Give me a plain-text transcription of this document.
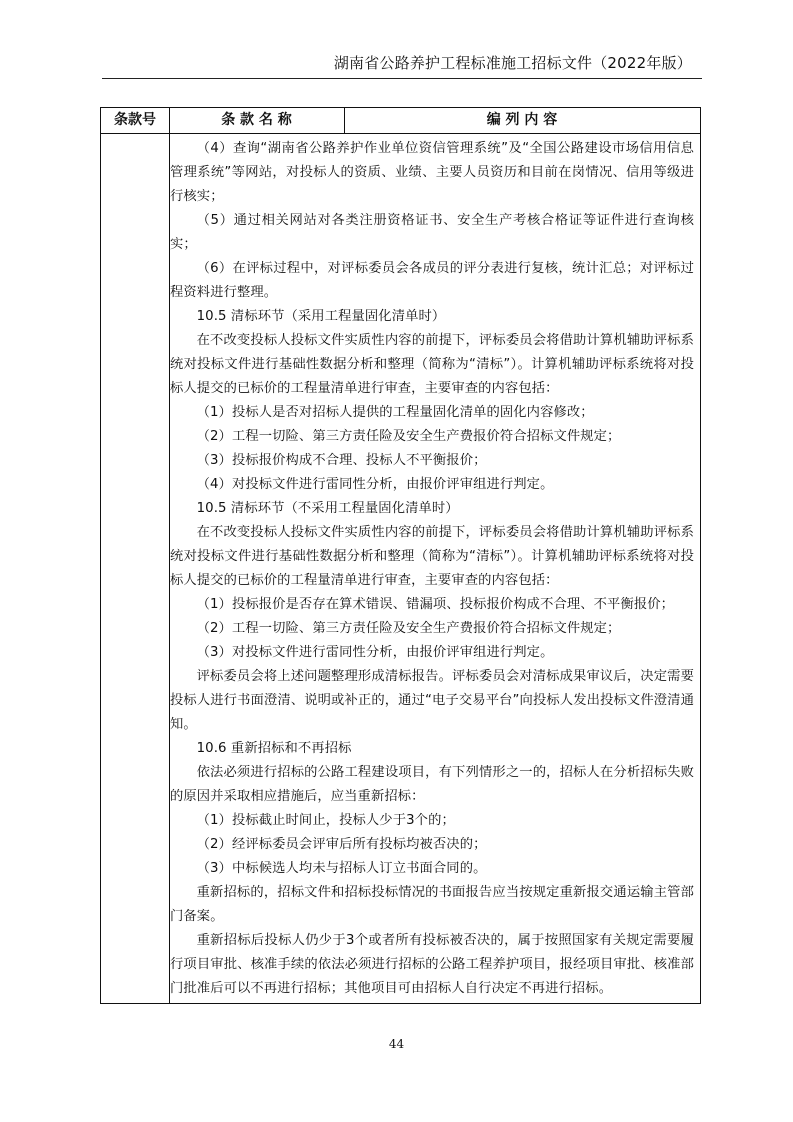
湖南省公路养护工程标准施工招标文件（2022年版）
条款号	条 款 名 称	编 列 内 容

（4）查询“湖南省公路养护作业单位资信管理系统”及“全国公路建设市场信用信息管理系统”等网站，对投标人的资质、业绩、主要人员资历和目前在岗情况、信用等级进行核实；

（5）通过相关网站对各类注册资格证书、安全生产考核合格证等证件进行查询核实；

（6）在评标过程中，对评标委员会各成员的评分表进行复核，统计汇总；对评标过程资料进行整理。

10.5 清标环节（采用工程量固化清单时）

在不改变投标人投标文件实质性内容的前提下，评标委员会将借助计算机辅助评标系统对投标文件进行基础性数据分析和整理（简称为“清标”）。计算机辅助评标系统将对投标人提交的已标价的工程量清单进行审查，主要审查的内容包括：

（1）投标人是否对招标人提供的工程量固化清单的固化内容修改；

（2）工程一切险、第三方责任险及安全生产费报价符合招标文件规定；

（3）投标报价构成不合理、投标人不平衡报价；

（4）对投标文件进行雷同性分析，由报价评审组进行判定。

10.5 清标环节（不采用工程量固化清单时）

在不改变投标人投标文件实质性内容的前提下，评标委员会将借助计算机辅助评标系统对投标文件进行基础性数据分析和整理（简称为“清标”）。计算机辅助评标系统将对投标人提交的已标价的工程量清单进行审查，主要审查的内容包括：

（1）投标报价是否存在算术错误、错漏项、投标报价构成不合理、不平衡报价；

（2）工程一切险、第三方责任险及安全生产费报价符合招标文件规定；

（3）对投标文件进行雷同性分析，由报价评审组进行判定。

评标委员会将上述问题整理形成清标报告。评标委员会对清标成果审议后，决定需要投标人进行书面澄清、说明或补正的，通过“电子交易平台”向投标人发出投标文件澄清通知。

10.6 重新招标和不再招标

依法必须进行招标的公路工程建设项目，有下列情形之一的，招标人在分析招标失败的原因并采取相应措施后，应当重新招标：

（1）投标截止时间止，投标人少于3个的；

（2）经评标委员会评审后所有投标均被否决的；

（3）中标候选人均未与招标人订立书面合同的。

重新招标的，招标文件和招标投标情况的书面报告应当按规定重新报交通运输主管部门备案。

重新招标后投标人仍少于3个或者所有投标被否决的，属于按照国家有关规定需要履行项目审批、核准手续的依法必须进行招标的公路工程养护项目，报经项目审批、核准部门批准后可以不再进行招标；其他项目可由招标人自行决定不再进行招标。

44
